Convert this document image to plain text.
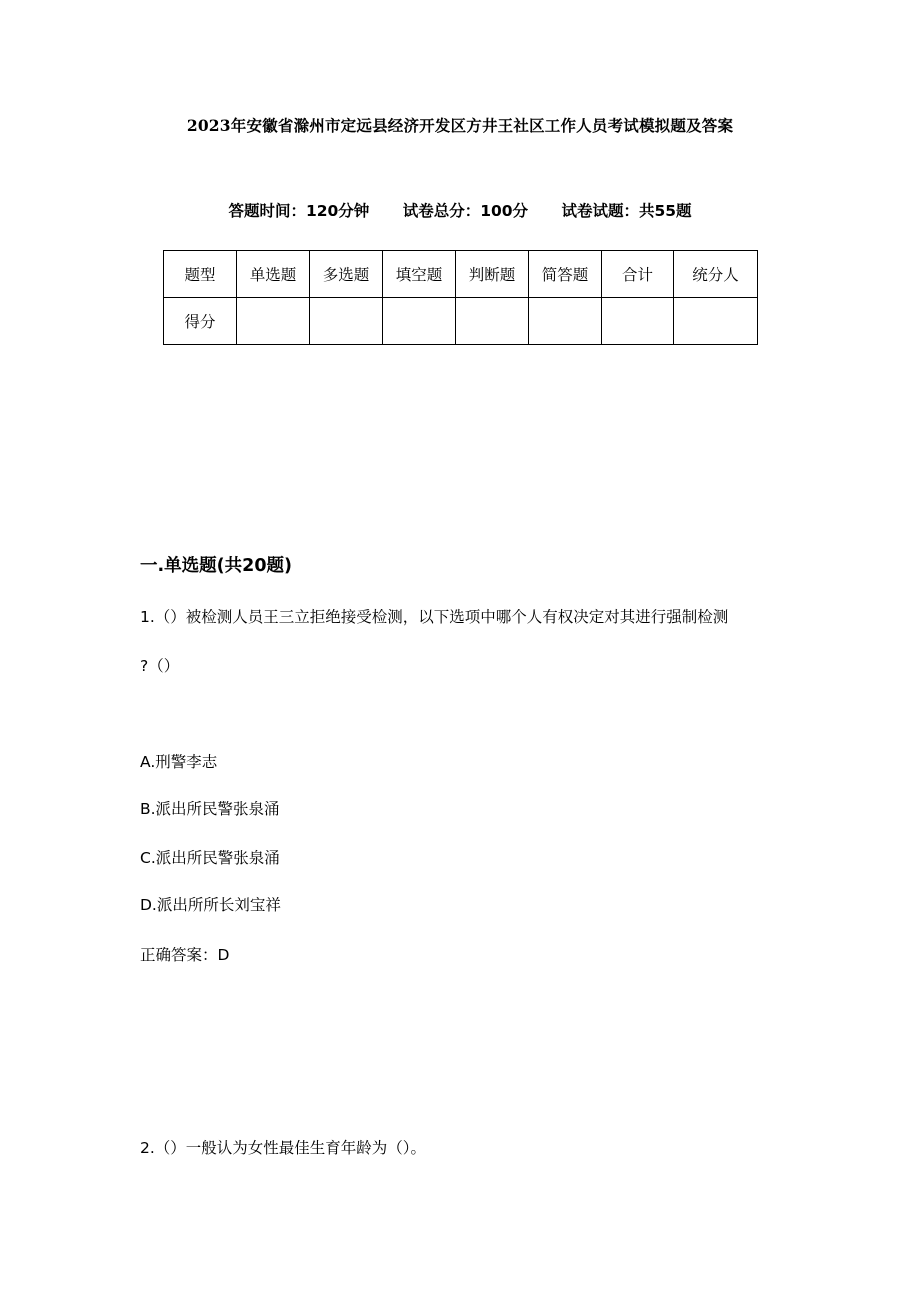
2023年安徽省滁州市定远县经济开发区方井王社区工作人员考试模拟题及答案
答题时间：120分钟 试卷总分：100分 试卷试题：共55题
题型	单选题	多选题	填空题	判断题	简答题	合计	统分人
得分							
一.单选题(共20题)
1.（）被检测人员王三立拒绝接受检测，以下选项中哪个人有权决定对其进行强制检测
?（）
A.刑警李志
B.派出所民警张泉涌
C.派出所民警张泉涌
D.派出所所长刘宝祥
正确答案：D
2.（）一般认为女性最佳生育年龄为（）。
